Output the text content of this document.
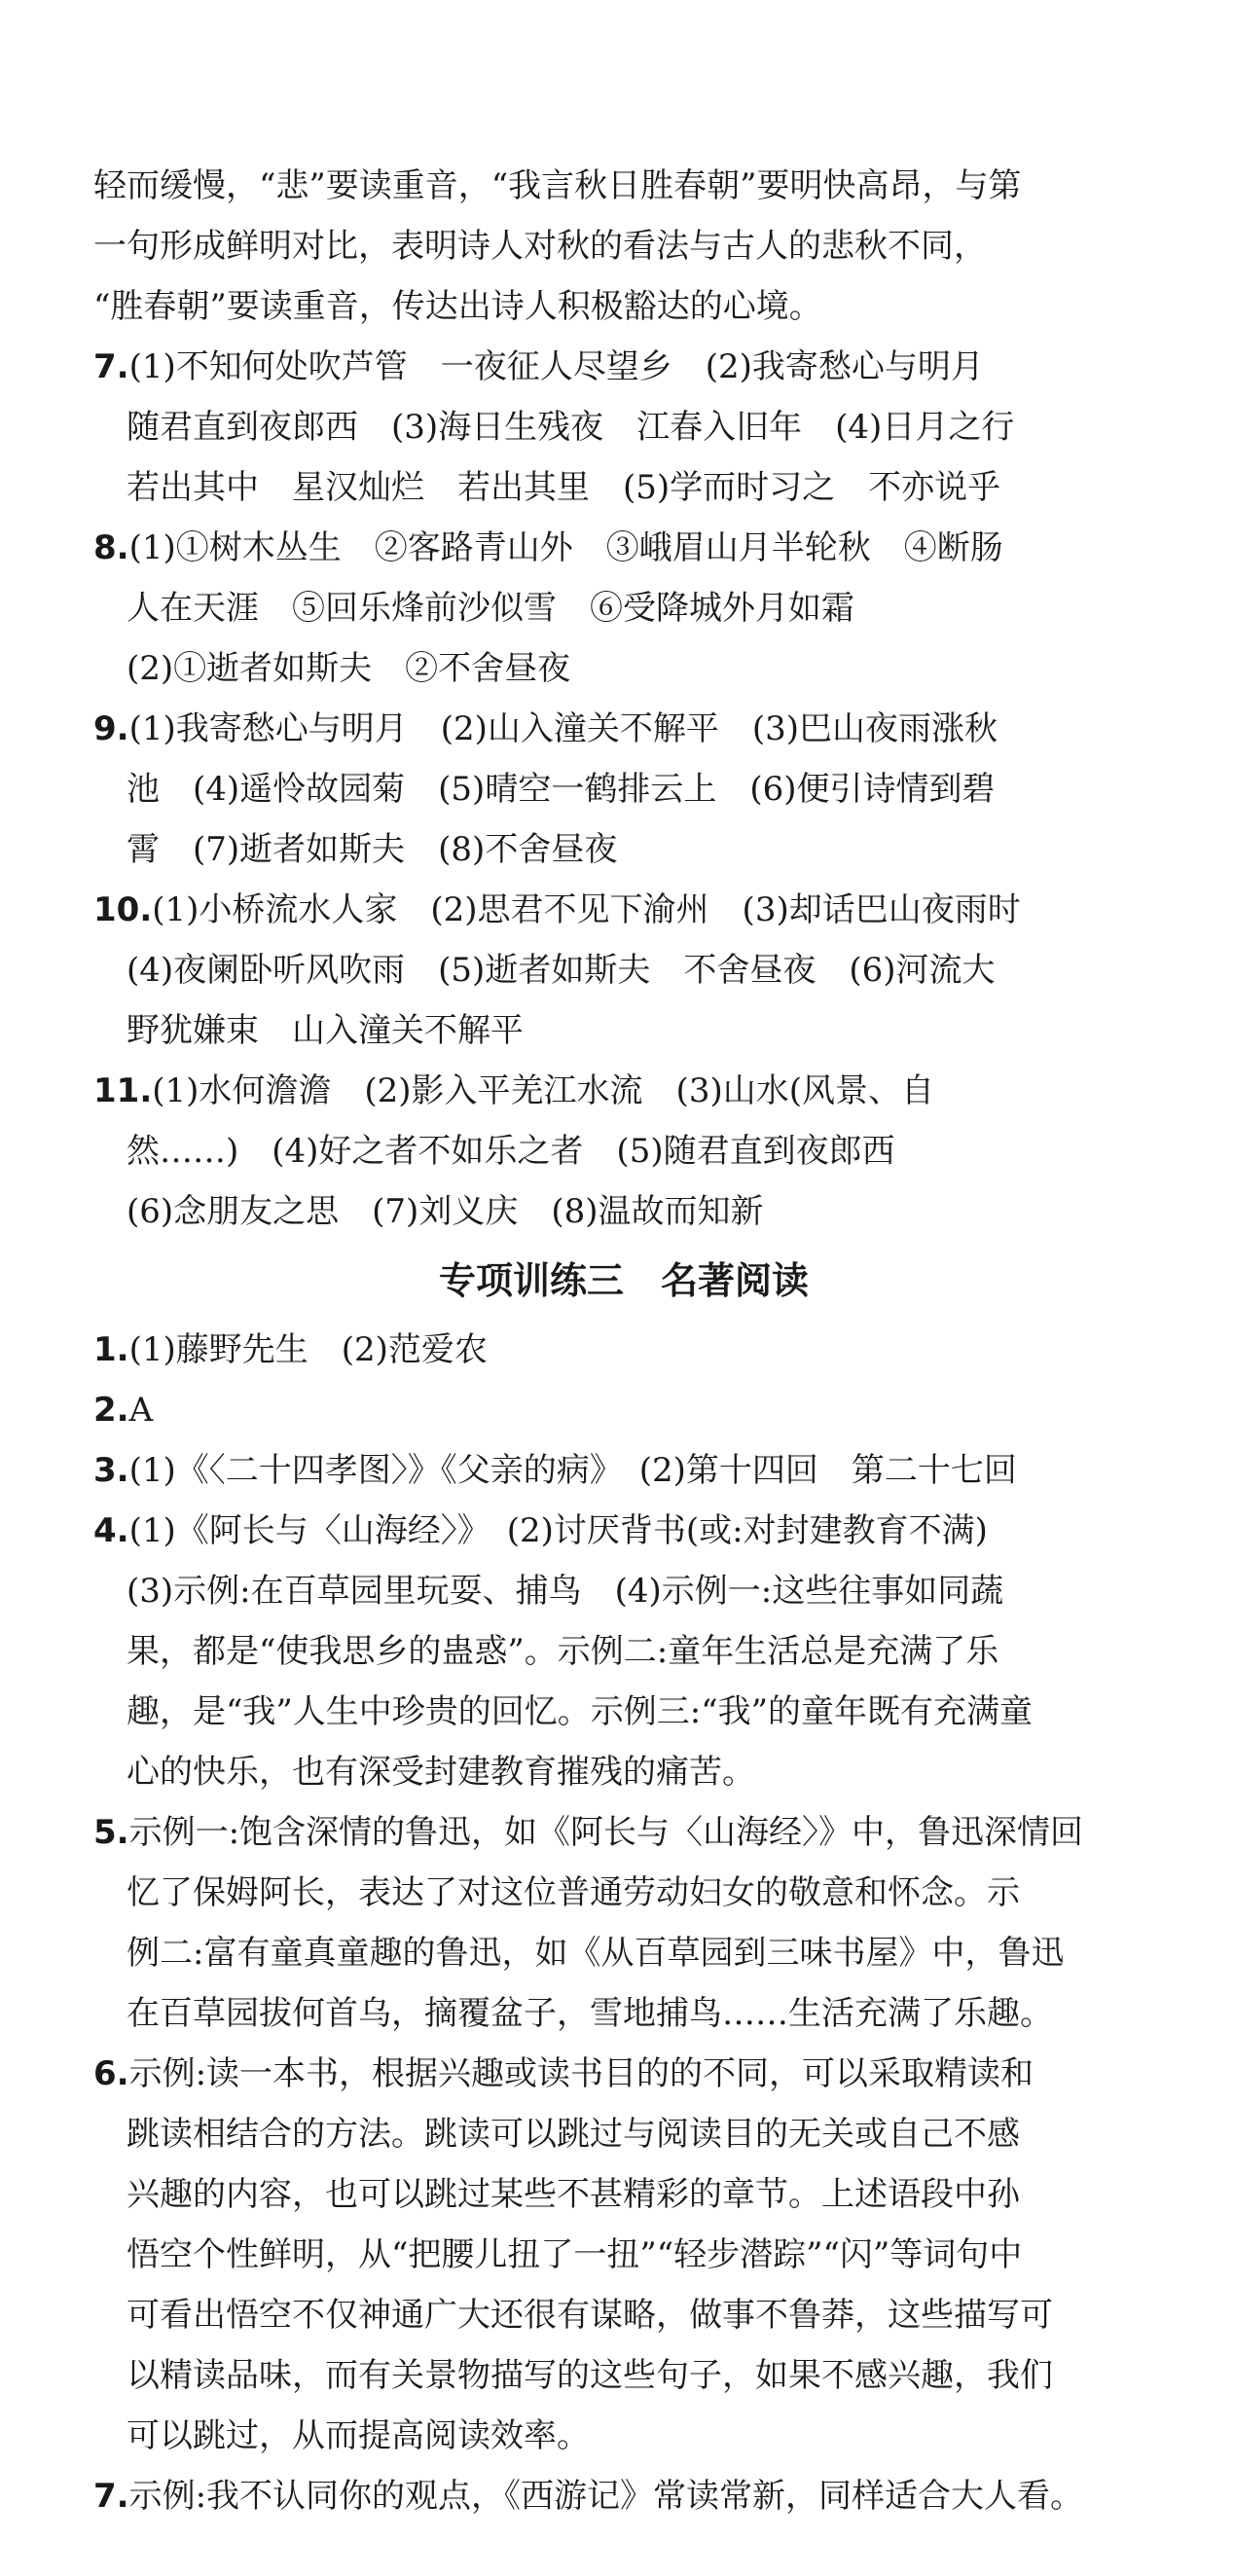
轻而缓慢，“悲”要读重音，“我言秋日胜春朝”要明快高昂，与第
一句形成鲜明对比，表明诗人对秋的看法与古人的悲秋不同，
“胜春朝”要读重音，传达出诗人积极豁达的心境。
7.(1)不知何处吹芦管　一夜征人尽望乡　(2)我寄愁心与明月
随君直到夜郎西　(3)海日生残夜　江春入旧年　(4)日月之行
若出其中　星汉灿烂　若出其里　(5)学而时习之　不亦说乎
8.(1)①树木丛生　②客路青山外　③峨眉山月半轮秋　④断肠
人在天涯　⑤回乐烽前沙似雪　⑥受降城外月如霜
(2)①逝者如斯夫　②不舍昼夜
9.(1)我寄愁心与明月　(2)山入潼关不解平　(3)巴山夜雨涨秋
池　(4)遥怜故园菊　(5)晴空一鹤排云上　(6)便引诗情到碧
霄　(7)逝者如斯夫　(8)不舍昼夜
10.(1)小桥流水人家　(2)思君不见下渝州　(3)却话巴山夜雨时
(4)夜阑卧听风吹雨　(5)逝者如斯夫　不舍昼夜　(6)河流大
野犹嫌束　山入潼关不解平
11.(1)水何澹澹　(2)影入平羌江水流　(3)山水(风景、自
然……)　(4)好之者不如乐之者　(5)随君直到夜郎西
(6)念朋友之思　(7)刘义庆　(8)温故而知新
专项训练三　名著阅读
1.(1)藤野先生　(2)范爱农
2.A
3.(1)《〈二十四孝图〉》《父亲的病》　(2)第十四回　第二十七回
4.(1)《阿长与〈山海经〉》　(2)讨厌背书(或:对封建教育不满)
(3)示例:在百草园里玩耍、捕鸟　(4)示例一:这些往事如同蔬
果，都是“使我思乡的蛊惑”。示例二:童年生活总是充满了乐
趣，是“我”人生中珍贵的回忆。示例三:“我”的童年既有充满童
心的快乐，也有深受封建教育摧残的痛苦。
5.示例一:饱含深情的鲁迅，如《阿长与〈山海经〉》中，鲁迅深情回
忆了保姆阿长，表达了对这位普通劳动妇女的敬意和怀念。示
例二:富有童真童趣的鲁迅，如《从百草园到三味书屋》中，鲁迅
在百草园拔何首乌，摘覆盆子，雪地捕鸟……生活充满了乐趣。
6.示例:读一本书，根据兴趣或读书目的的不同，可以采取精读和
跳读相结合的方法。跳读可以跳过与阅读目的无关或自己不感
兴趣的内容，也可以跳过某些不甚精彩的章节。上述语段中孙
悟空个性鲜明，从“把腰儿扭了一扭”“轻步潜踪”“闪”等词句中
可看出悟空不仅神通广大还很有谋略，做事不鲁莽，这些描写可
以精读品味，而有关景物描写的这些句子，如果不感兴趣，我们
可以跳过，从而提高阅读效率。
7.示例:我不认同你的观点，《西游记》常读常新，同样适合大人看。
